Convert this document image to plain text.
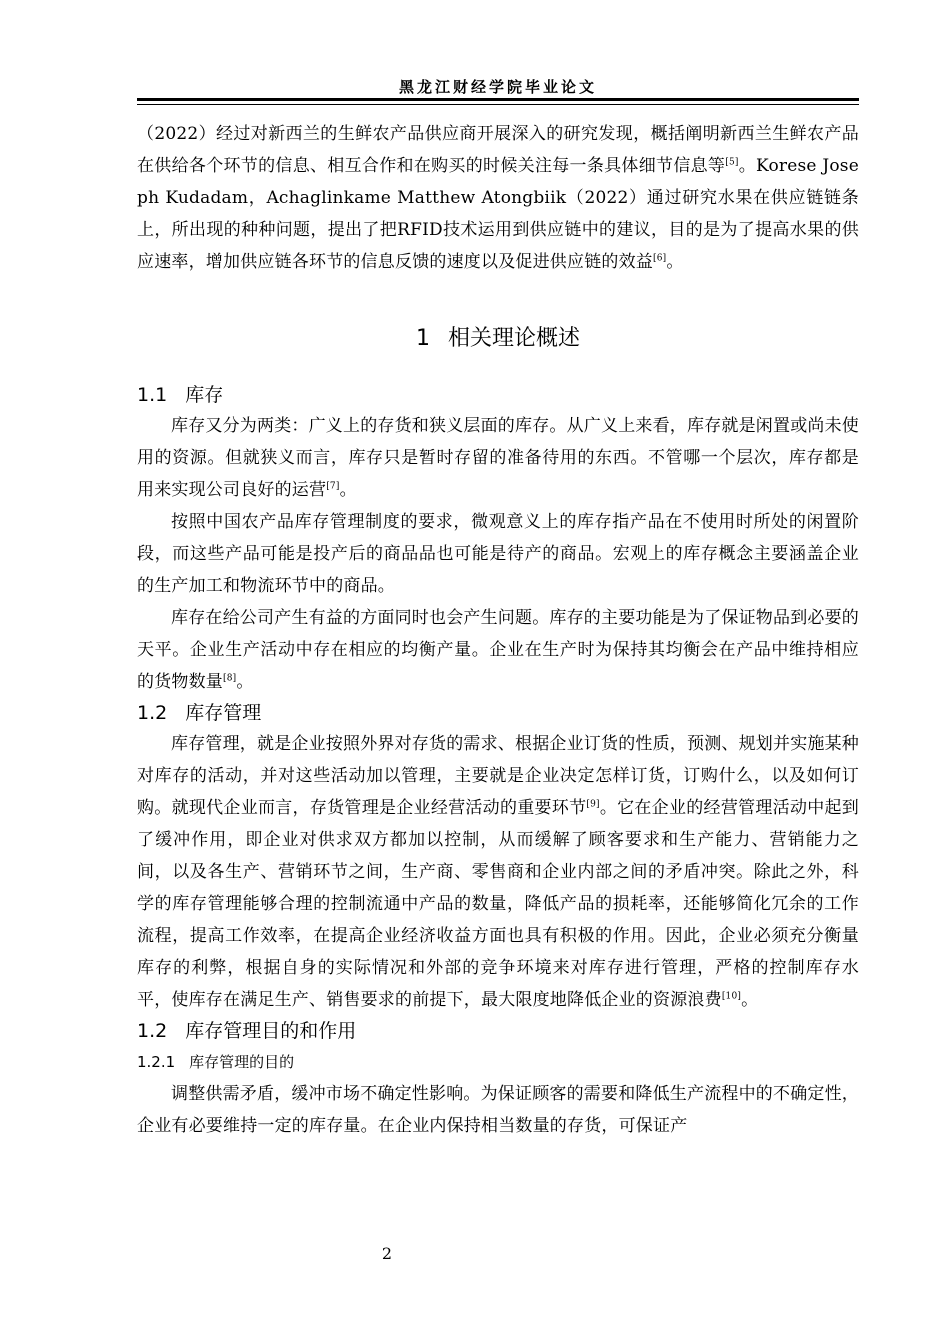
黑龙江财经学院毕业论文

（2022）经过对新西兰的生鲜农产品供应商开展深入的研究发现，概括阐明新西兰生鲜农产品在供给各个环节的信息、相互合作和在购买的时候关注每一条具体细节信息等[5]。Korese Joseph Kudadam，Achaglinkame Matthew Atongbiik（2022）通过研究水果在供应链链条上，所出现的种种问题，提出了把RFID技术运用到供应链中的建议，目的是为了提高水果的供应速率，增加供应链各环节的信息反馈的速度以及促进供应链的效益[6]。

1 相关理论概述
1.1 库存

库存又分为两类：广义上的存货和狭义层面的库存。从广义上来看，库存就是闲置或尚未使用的资源。但就狭义而言，库存只是暂时存留的准备待用的东西。不管哪一个层次，库存都是用来实现公司良好的运营[7]。

按照中国农产品库存管理制度的要求，微观意义上的库存指产品在不使用时所处的闲置阶段，而这些产品可能是投产后的商品品也可能是待产的商品。宏观上的库存概念主要涵盖企业的生产加工和物流环节中的商品。

库存在给公司产生有益的方面同时也会产生问题。库存的主要功能是为了保证物品到必要的天平。企业生产活动中存在相应的均衡产量。企业在生产时为保持其均衡会在产品中维持相应的货物数量[8]。

1.2 库存管理

库存管理，就是企业按照外界对存货的需求、根据企业订货的性质，预测、规划并实施某种对库存的活动，并对这些活动加以管理，主要就是企业决定怎样订货，订购什么，以及如何订购。就现代企业而言，存货管理是企业经营活动的重要环节[9]。它在企业的经营管理活动中起到了缓冲作用，即企业对供求双方都加以控制，从而缓解了顾客要求和生产能力、营销能力之间，以及各生产、营销环节之间，生产商、零售商和企业内部之间的矛盾冲突。除此之外，科学的库存管理能够合理的控制流通中产品的数量，降低产品的损耗率，还能够简化冗余的工作流程，提高工作效率，在提高企业经济收益方面也具有积极的作用。因此，企业必须充分衡量库存的利弊，根据自身的实际情况和外部的竞争环境来对库存进行管理，严格的控制库存水平，使库存在满足生产、销售要求的前提下，最大限度地降低企业的资源浪费[10]。

1.2 库存管理目的和作用
1.2.1 库存管理的目的

调整供需矛盾，缓冲市场不确定性影响。为保证顾客的需要和降低生产流程中的不确定性，企业有必要维持一定的库存量。在企业内保持相当数量的存货，可保证产

2
